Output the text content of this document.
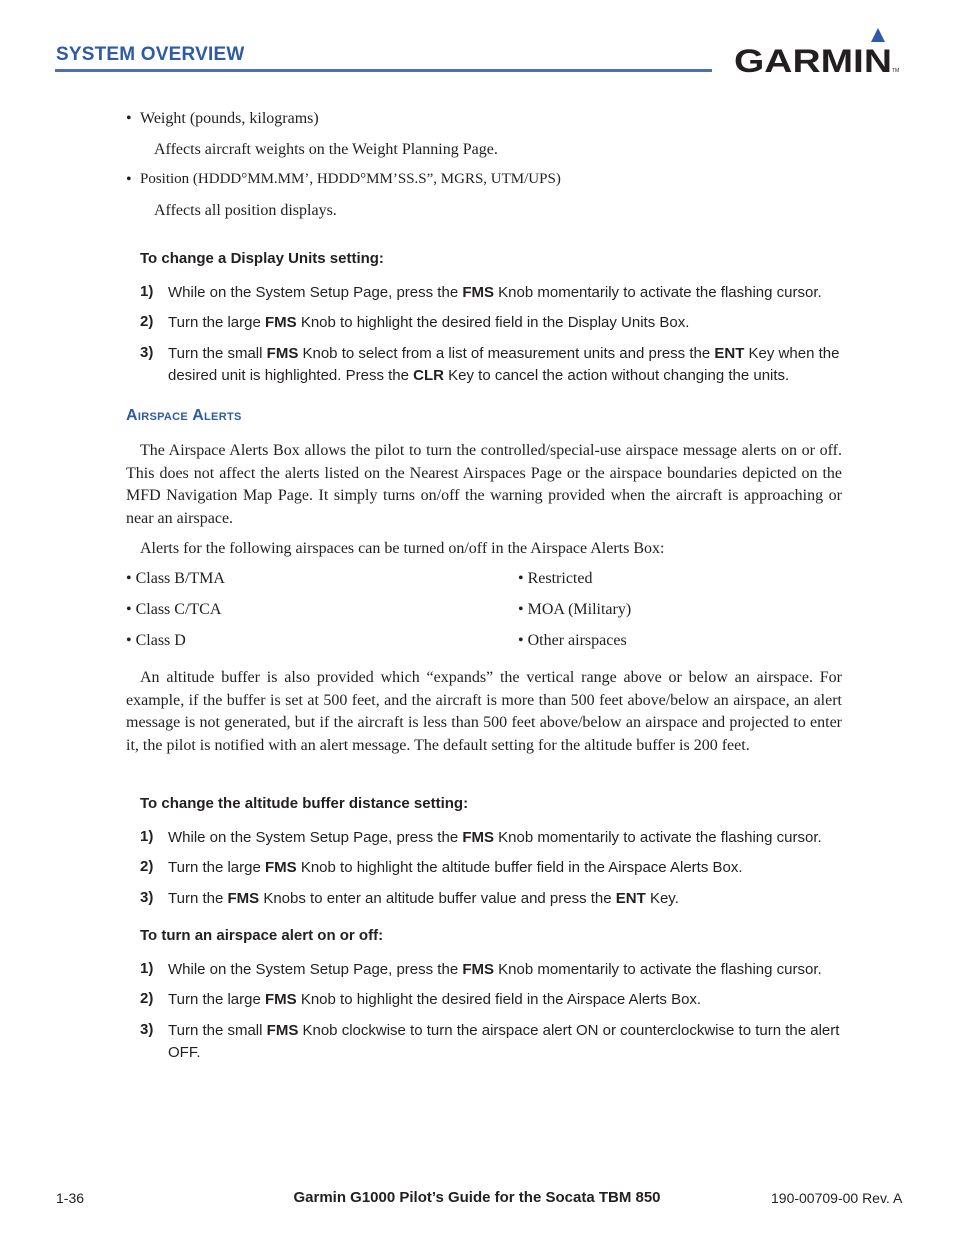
SYSTEM OVERVIEW	GARMIN TM
• Weight (pounds, kilograms)
Affects aircraft weights on the Weight Planning Page.
• Position (HDDD°MM.MM’, HDDD°MM’SS.S”, MGRS, UTM/UPS)
Affects all position displays.
To change a Display Units setting:
1) While on the System Setup Page, press the FMS Knob momentarily to activate the flashing cursor.
2) Turn the large FMS Knob to highlight the desired field in the Display Units Box.
3) Turn the small FMS Knob to select from a list of measurement units and press the ENT Key when the desired unit is highlighted. Press the CLR Key to cancel the action without changing the units.
Airspace Alerts
The Airspace Alerts Box allows the pilot to turn the controlled/special-use airspace message alerts on or off. This does not affect the alerts listed on the Nearest Airspaces Page or the airspace boundaries depicted on the MFD Navigation Map Page. It simply turns on/off the warning provided when the aircraft is approaching or near an airspace.
Alerts for the following airspaces can be turned on/off in the Airspace Alerts Box:
• Class B/TMA
• Class C/TCA
• Class D
• Restricted
• MOA (Military)
• Other airspaces
An altitude buffer is also provided which “expands” the vertical range above or below an airspace. For example, if the buffer is set at 500 feet, and the aircraft is more than 500 feet above/below an airspace, an alert message is not generated, but if the aircraft is less than 500 feet above/below an airspace and projected to enter it, the pilot is notified with an alert message. The default setting for the altitude buffer is 200 feet.
To change the altitude buffer distance setting:
1) While on the System Setup Page, press the FMS Knob momentarily to activate the flashing cursor.
2) Turn the large FMS Knob to highlight the altitude buffer field in the Airspace Alerts Box.
3) Turn the FMS Knobs to enter an altitude buffer value and press the ENT Key.
To turn an airspace alert on or off:
1) While on the System Setup Page, press the FMS Knob momentarily to activate the flashing cursor.
2) Turn the large FMS Knob to highlight the desired field in the Airspace Alerts Box.
3) Turn the small FMS Knob clockwise to turn the airspace alert ON or counterclockwise to turn the alert OFF.
1-36	Garmin G1000 Pilot’s Guide for the Socata TBM 850	190-00709-00 Rev. A
